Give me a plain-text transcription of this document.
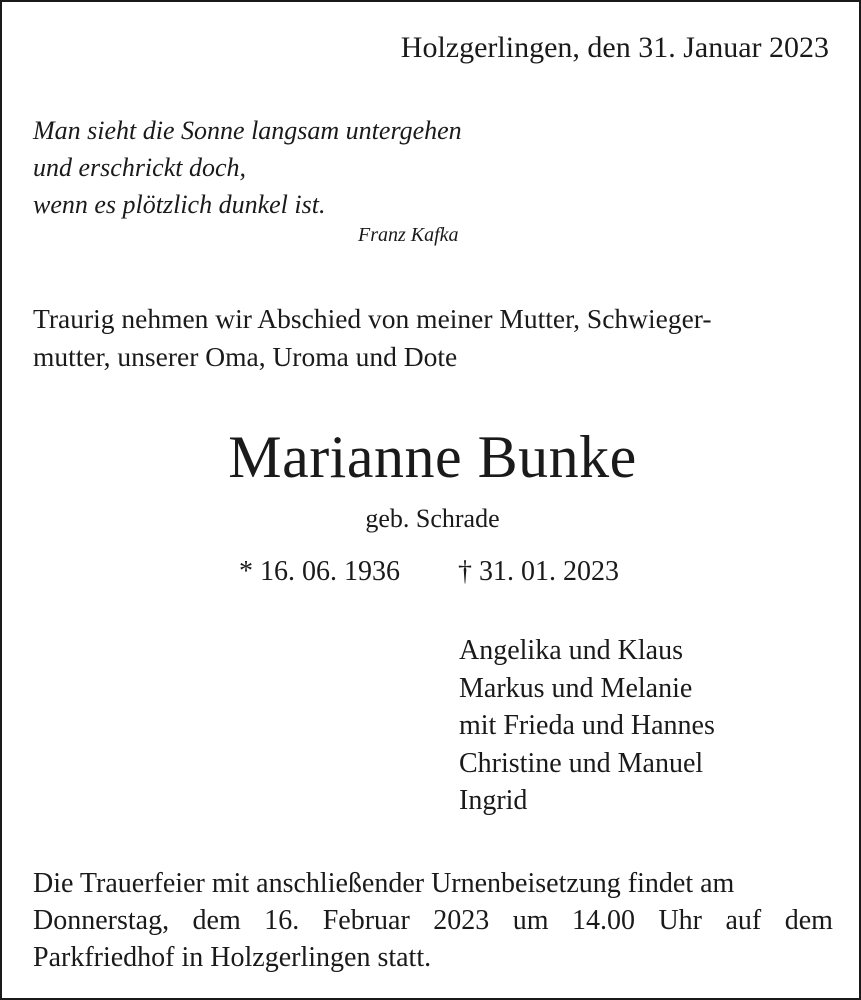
Holzgerlingen, den 31. Januar 2023
Man sieht die Sonne langsam untergehen
und erschrickt doch,
wenn es plötzlich dunkel ist.
Franz Kafka
Traurig nehmen wir Abschied von meiner Mutter, Schwieger-
mutter, unserer Oma, Uroma und Dote
Marianne Bunke
geb. Schrade
* 16. 06. 1936 † 31. 01. 2023
Angelika und Klaus
Markus und Melanie
mit Frieda und Hannes
Christine und Manuel
Ingrid
Die Trauerfeier mit anschließender Urnenbeisetzung findet am
Donnerstag, dem 16. Februar 2023 um 14.00 Uhr auf dem
Parkfriedhof in Holzgerlingen statt.
